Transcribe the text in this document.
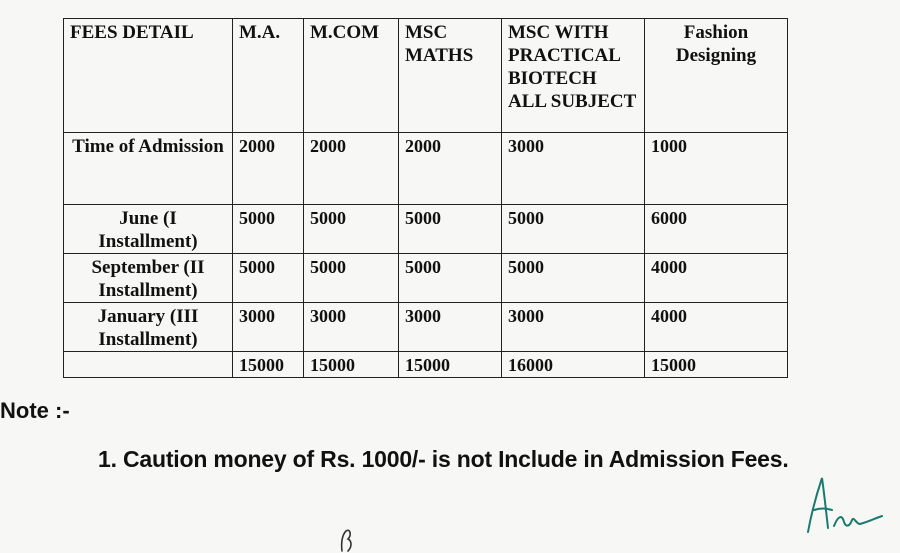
FEES DETAIL	M.A.	M.COM	MSC MATHS	MSC WITH PRACTICAL BIOTECH ALL SUBJECT	Fashion Designing
Time of Admission	2000	2000	2000	3000	1000
June (I Installment)	5000	5000	5000	5000	6000
September (II Installment)	5000	5000	5000	5000	4000
January (III Installment)	3000	3000	3000	3000	4000
	15000	15000	15000	16000	15000
Note :-
1. Caution money of Rs. 1000/- is not Include in Admission Fees.
